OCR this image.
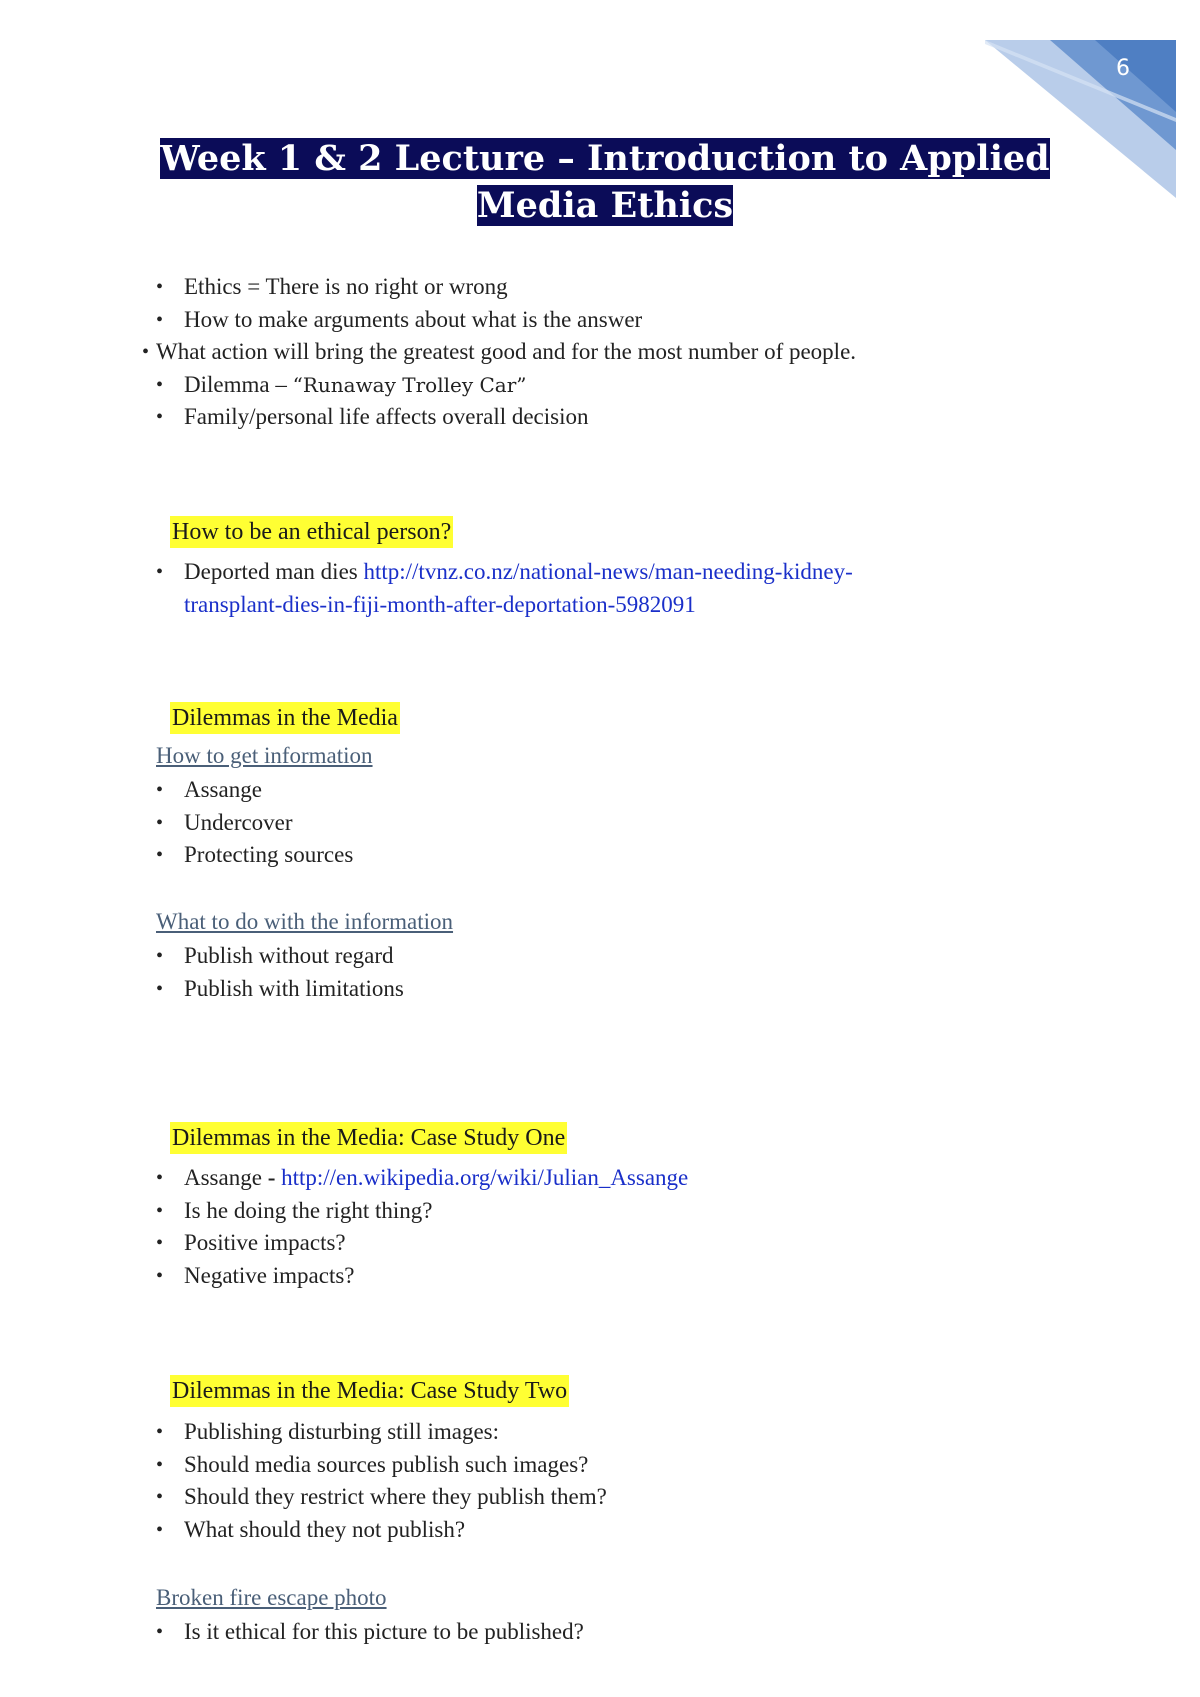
6
Week 1 & 2 Lecture – Introduction to Applied Media Ethics
• Ethics = There is no right or wrong
• How to make arguments about what is the answer
• What action will bring the greatest good and for the most number of people.
• Dilemma – “Runaway Trolley Car”
• Family/personal life affects overall decision
How to be an ethical person?
• Deported man dies http://tvnz.co.nz/national-news/man-needing-kidney-transplant-dies-in-fiji-month-after-deportation-5982091
Dilemmas in the Media
How to get information
• Assange
• Undercover
• Protecting sources
What to do with the information
• Publish without regard
• Publish with limitations
Dilemmas in the Media: Case Study One
• Assange - http://en.wikipedia.org/wiki/Julian_Assange
• Is he doing the right thing?
• Positive impacts?
• Negative impacts?
Dilemmas in the Media: Case Study Two
• Publishing disturbing still images:
• Should media sources publish such images?
• Should they restrict where they publish them?
• What should they not publish?
Broken fire escape photo
• Is it ethical for this picture to be published?
